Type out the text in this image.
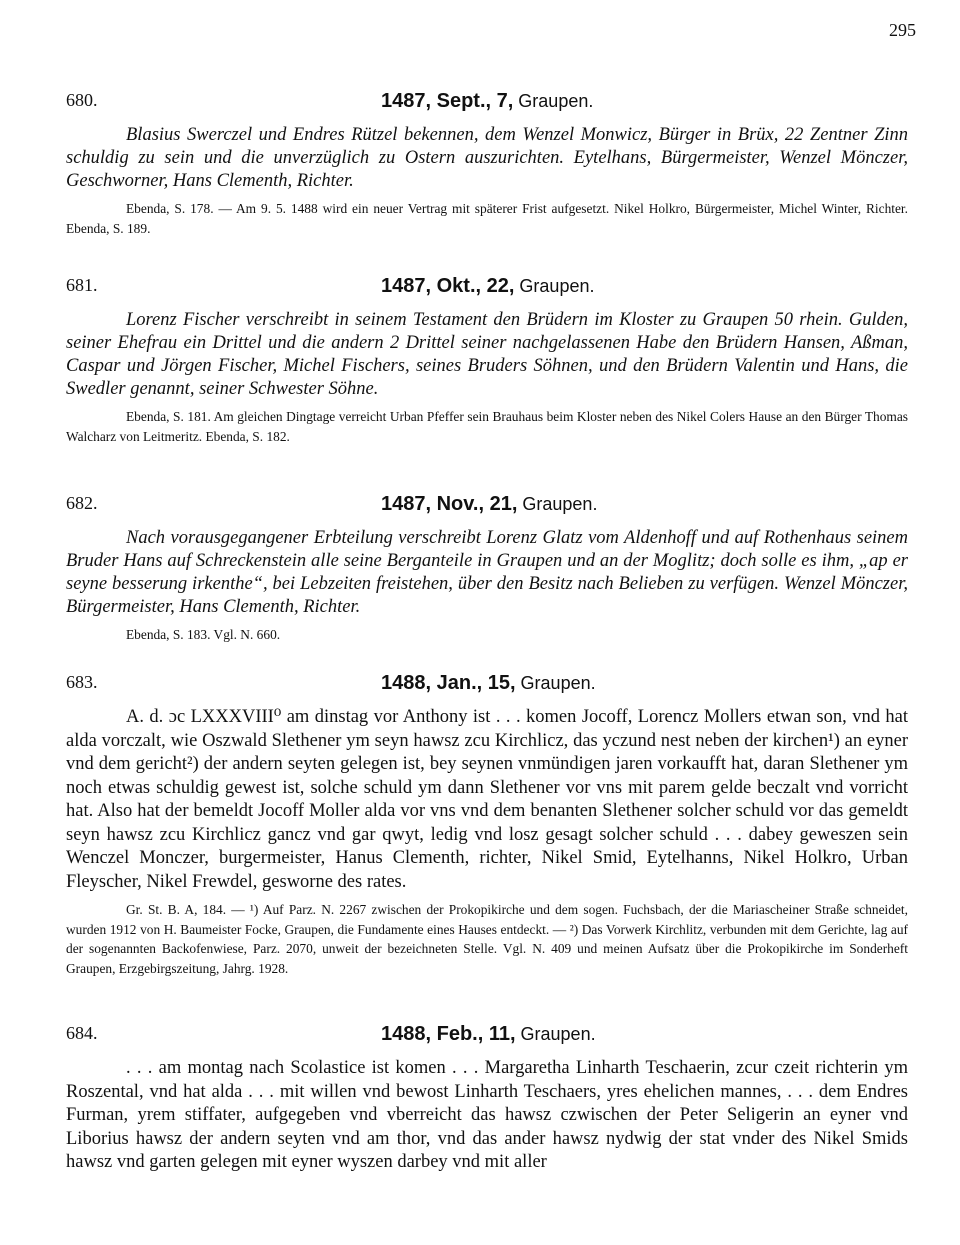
295
680.	1487, Sept., 7, Graupen.

Blasius Swerczel und Endres Rützel bekennen, dem Wenzel Monwicz, Bürger in Brüx, 22 Zentner Zinn schuldig zu sein und die unverzüglich zu Ostern auszurichten. Eytelhans, Bürgermeister, Wenzel Mönczer, Geschworner, Hans Clementh, Richter.

Ebenda, S. 178. — Am 9. 5. 1488 wird ein neuer Vertrag mit späterer Frist aufgesetzt. Nikel Holkro, Bürgermeister, Michel Winter, Richter. Ebenda, S. 189.

681.	1487, Okt., 22, Graupen.

Lorenz Fischer verschreibt in seinem Testament den Brüdern im Kloster zu Graupen 50 rhein. Gulden, seiner Ehefrau ein Drittel und die andern 2 Drittel seiner nachgelassenen Habe den Brüdern Hansen, Aßman, Caspar und Jörgen Fischer, Michel Fischers, seines Bruders Söhnen, und den Brüdern Valentin und Hans, die Swedler genannt, seiner Schwester Söhne.

Ebenda, S. 181. Am gleichen Dingtage verreicht Urban Pfeffer sein Brauhaus beim Kloster neben des Nikel Colers Hause an den Bürger Thomas Walcharz von Leitmeritz. Ebenda, S. 182.

682.	1487, Nov., 21, Graupen.

Nach vorausgegangener Erbteilung verschreibt Lorenz Glatz vom Aldenhoff und auf Rothenhaus seinem Bruder Hans auf Schreckenstein alle seine Berganteile in Graupen und an der Moglitz; doch solle es ihm, „ap er seyne besserung irkenthe“, bei Lebzeiten freistehen, über den Besitz nach Belieben zu verfügen. Wenzel Mönczer, Bürgermeister, Hans Clementh, Richter.

Ebenda, S. 183. Vgl. N. 660.

683.	1488, Jan., 15, Graupen.

A. d. ɔc LXXXVIII⁰ am dinstag vor Anthony ist . . . komen Jocoff, Lorencz Mollers etwan son, vnd hat alda vorczalt, wie Oszwald Slethener ym seyn hawsz zcu Kirchlicz, das yczund nest neben der kirchen¹) an eyner vnd dem gericht²) der andern seyten gelegen ist, bey seynen vnmündigen jaren vorkaufft hat, daran Slethener ym noch etwas schuldig gewest ist, solche schuld ym dann Slethener vor vns mit parem gelde beczalt vnd vorricht hat. Also hat der bemeldt Jocoff Moller alda vor vns vnd dem benanten Slethener solcher schuld vor das gemeldt seyn hawsz zcu Kirchlicz gancz vnd gar qwyt, ledig vnd losz gesagt solcher schuld . . . dabey geweszen sein Wenczel Monczer, burgermeister, Hanus Clementh, richter, Nikel Smid, Eytelhanns, Nikel Holkro, Urban Fleyscher, Nikel Frewdel, gesworne des rates.

Gr. St. B. A, 184. — ¹) Auf Parz. N. 2267 zwischen der Prokopikirche und dem sogen. Fuchsbach, der die Mariascheiner Straße schneidet, wurden 1912 von H. Baumeister Focke, Graupen, die Fundamente eines Hauses entdeckt. — ²) Das Vorwerk Kirchlitz, verbunden mit dem Gerichte, lag auf der sogenannten Backofenwiese, Parz. 2070, unweit der bezeichneten Stelle. Vgl. N. 409 und meinen Aufsatz über die Prokopikirche im Sonderheft Graupen, Erzgebirgszeitung, Jahrg. 1928.

684.	1488, Feb., 11, Graupen.

. . . am montag nach Scolastice ist komen . . . Margaretha Linharth Teschaerin, zcur czeit richterin ym Roszental, vnd hat alda . . . mit willen vnd bewost Linharth Teschaers, yres ehelichen mannes, . . . dem Endres Furman, yrem stiffater, aufgegeben vnd vberreicht das hawsz czwischen der Peter Seligerin an eyner vnd Liborius hawsz der andern seyten vnd am thor, vnd das ander hawsz nydwig der stat vnder des Nikel Smids hawsz vnd garten gelegen mit eyner wyszen darbey vnd mit aller
